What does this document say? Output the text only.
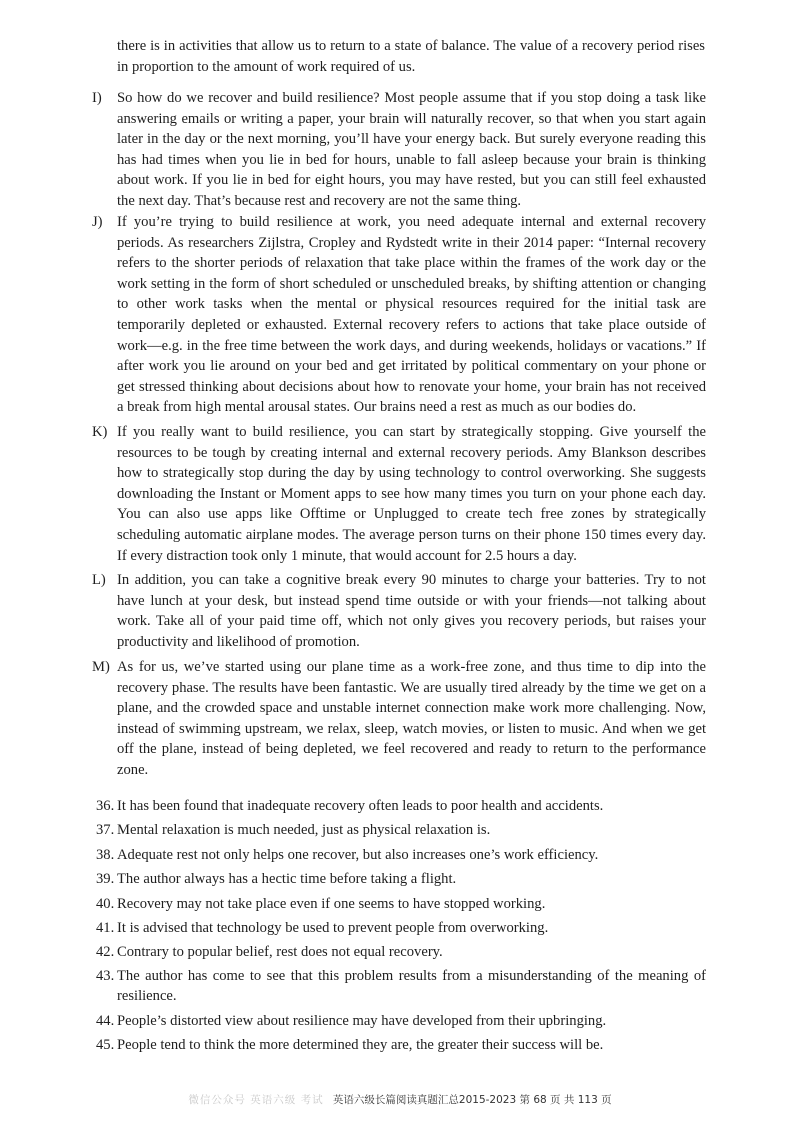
there is in activities that allow us to return to a state of balance. The value of a recovery period rises in proportion to the amount of work required of us.

I)	So how do we recover and build resilience? Most people assume that if you stop doing a task like answering emails or writing a paper, your brain will naturally recover, so that when you start again later in the day or the next morning, you’ll have your energy back. But surely everyone reading this has had times when you lie in bed for hours, unable to fall asleep because your brain is thinking about work. If you lie in bed for eight hours, you may have rested, but you can still feel exhausted the next day. That’s because rest and recovery are not the same thing.
J) If you’re trying to build resilience at work, you need adequate internal and external recovery periods. As researchers Zijlstra, Cropley and Rydstedt write in their 2014 paper: “Internal recovery refers to the shorter periods of relaxation that take place within the frames of the work day or the work setting in the form of short scheduled or unscheduled breaks, by shifting attention or changing to other work tasks when the mental or physical resources required for the initial task are temporarily depleted or exhausted. External recovery refers to actions that take place outside of work—e.g. in the free time between the work days, and during weekends, holidays or vacations.” If after work you lie around on your bed and get irritated by political commentary on your phone or get stressed thinking about decisions about how to renovate your home, your brain has not received a break from high mental arousal states. Our brains need a rest as much as our bodies do.
K) If you really want to build resilience, you can start by strategically stopping. Give yourself the resources to be tough by creating internal and external recovery periods. Amy Blankson describes how to strategically stop during the day by using technology to control overworking. She suggests downloading the Instant or Moment apps to see how many times you turn on your phone each day. You can also use apps like Offtime or Unplugged to create tech free zones by strategically scheduling automatic airplane modes. The average person turns on their phone 150 times every day. If every distraction took only 1 minute, that would account for 2.5 hours a day.
L) In addition, you can take a cognitive break every 90 minutes to charge your batteries. Try to not have lunch at your desk, but instead spend time outside or with your friends—not talking about work. Take all of your paid time off, which not only gives you recovery periods, but raises your productivity and likelihood of promotion.
M) As for us, we’ve started using our plane time as a work-free zone, and thus time to dip into the recovery phase. The results have been fantastic. We are usually tired already by the time we get on a plane, and the crowded space and unstable internet connection make work more challenging. Now, instead of swimming upstream, we relax, sleep, watch movies, or listen to music. And when we get off the plane, instead of being depleted, we feel recovered and ready to return to the performance zone.
36. It has been found that inadequate recovery often leads to poor health and accidents.
37. Mental relaxation is much needed, just as physical relaxation is.
38. Adequate rest not only helps one recover, but also increases one’s work efficiency.
39. The author always has a hectic time before taking a flight.
40. Recovery may not take place even if one seems to have stopped working.
41. It is advised that technology be used to prevent people from overworking.
42. Contrary to popular belief, rest does not equal recovery.
43. The author has come to see that this problem results from a misunderstanding of the meaning of resilience.
44. People’s distorted view about resilience may have developed from their upbringing.
45. People tend to think the more determined they are, the greater their success will be.
微信公众号 英语六级 考试 英语六级长篇阅读真题汇总2015-2023 第 68 页 共 113 页
